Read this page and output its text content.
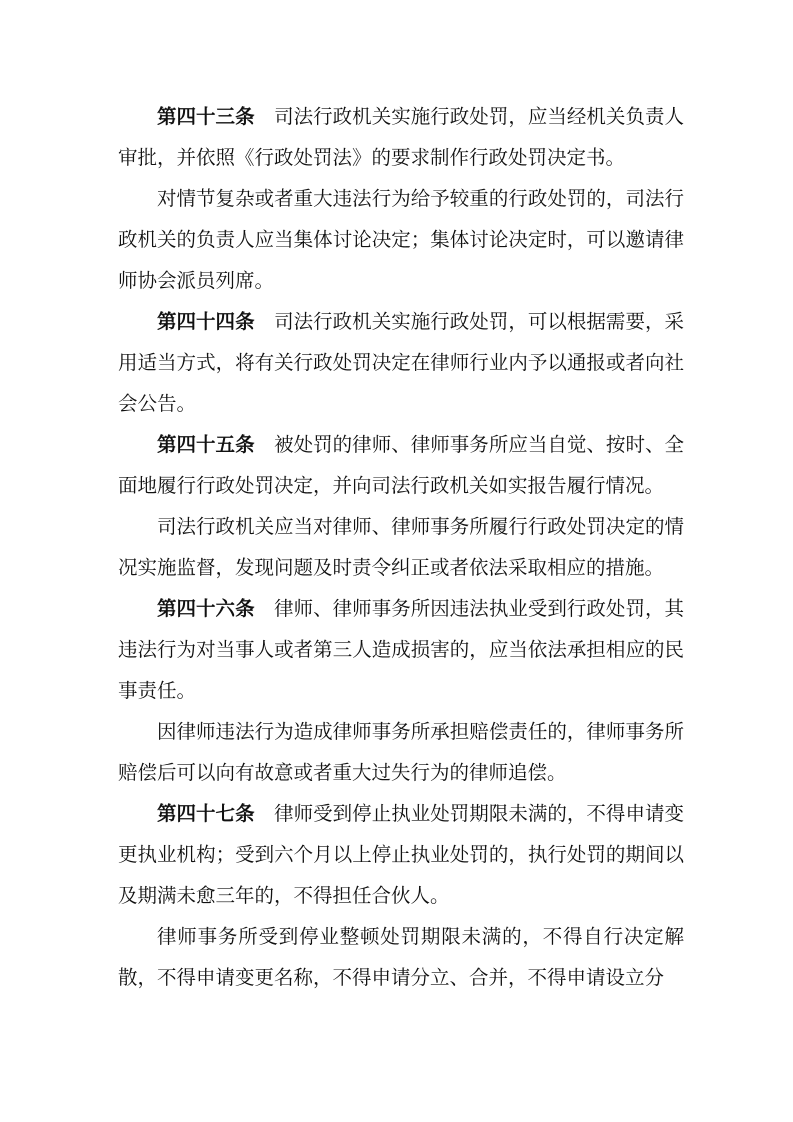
第四十三条 司法行政机关实施行政处罚，应当经机关负责人审批，并依照《行政处罚法》的要求制作行政处罚决定书。

对情节复杂或者重大违法行为给予较重的行政处罚的，司法行政机关的负责人应当集体讨论决定；集体讨论决定时，可以邀请律师协会派员列席。

第四十四条 司法行政机关实施行政处罚，可以根据需要，采用适当方式，将有关行政处罚决定在律师行业内予以通报或者向社会公告。

第四十五条 被处罚的律师、律师事务所应当自觉、按时、全面地履行行政处罚决定，并向司法行政机关如实报告履行情况。

司法行政机关应当对律师、律师事务所履行行政处罚决定的情况实施监督，发现问题及时责令纠正或者依法采取相应的措施。

第四十六条 律师、律师事务所因违法执业受到行政处罚，其违法行为对当事人或者第三人造成损害的，应当依法承担相应的民事责任。

因律师违法行为造成律师事务所承担赔偿责任的，律师事务所赔偿后可以向有故意或者重大过失行为的律师追偿。

第四十七条 律师受到停止执业处罚期限未满的，不得申请变更执业机构；受到六个月以上停止执业处罚的，执行处罚的期间以及期满未愈三年的，不得担任合伙人。

律师事务所受到停业整顿处罚期限未满的，不得自行决定解散，不得申请变更名称，不得申请分立、合并，不得申请设立分
